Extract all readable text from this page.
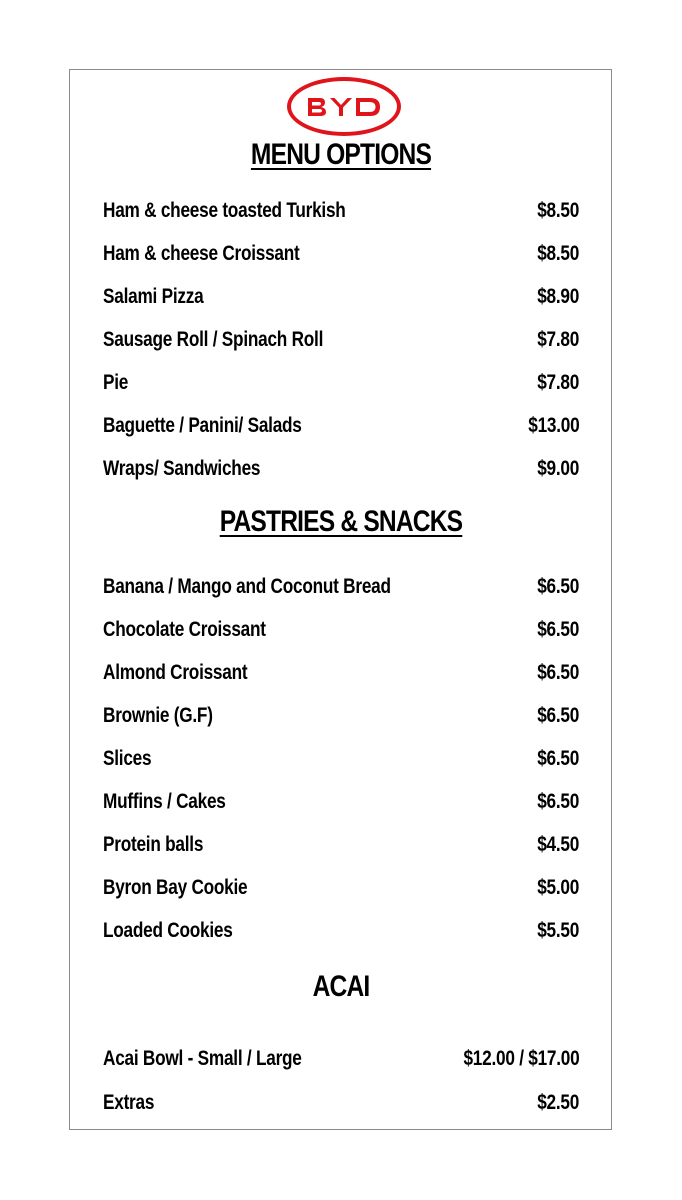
MENU OPTIONS
Ham & cheese toasted Turkish	$8.50
Ham & cheese Croissant	$8.50
Salami Pizza	$8.90
Sausage Roll / Spinach Roll	$7.80
Pie	$7.80
Baguette / Panini/ Salads	$13.00
Wraps/ Sandwiches	$9.00
PASTRIES & SNACKS
Banana / Mango and Coconut Bread	$6.50
Chocolate Croissant	$6.50
Almond Croissant	$6.50
Brownie (G.F)	$6.50
Slices	$6.50
Muffins / Cakes	$6.50
Protein balls	$4.50
Byron Bay Cookie	$5.00
Loaded Cookies	$5.50
ACAI
Acai Bowl - Small / Large	$12.00 / $17.00
Extras	$2.50
